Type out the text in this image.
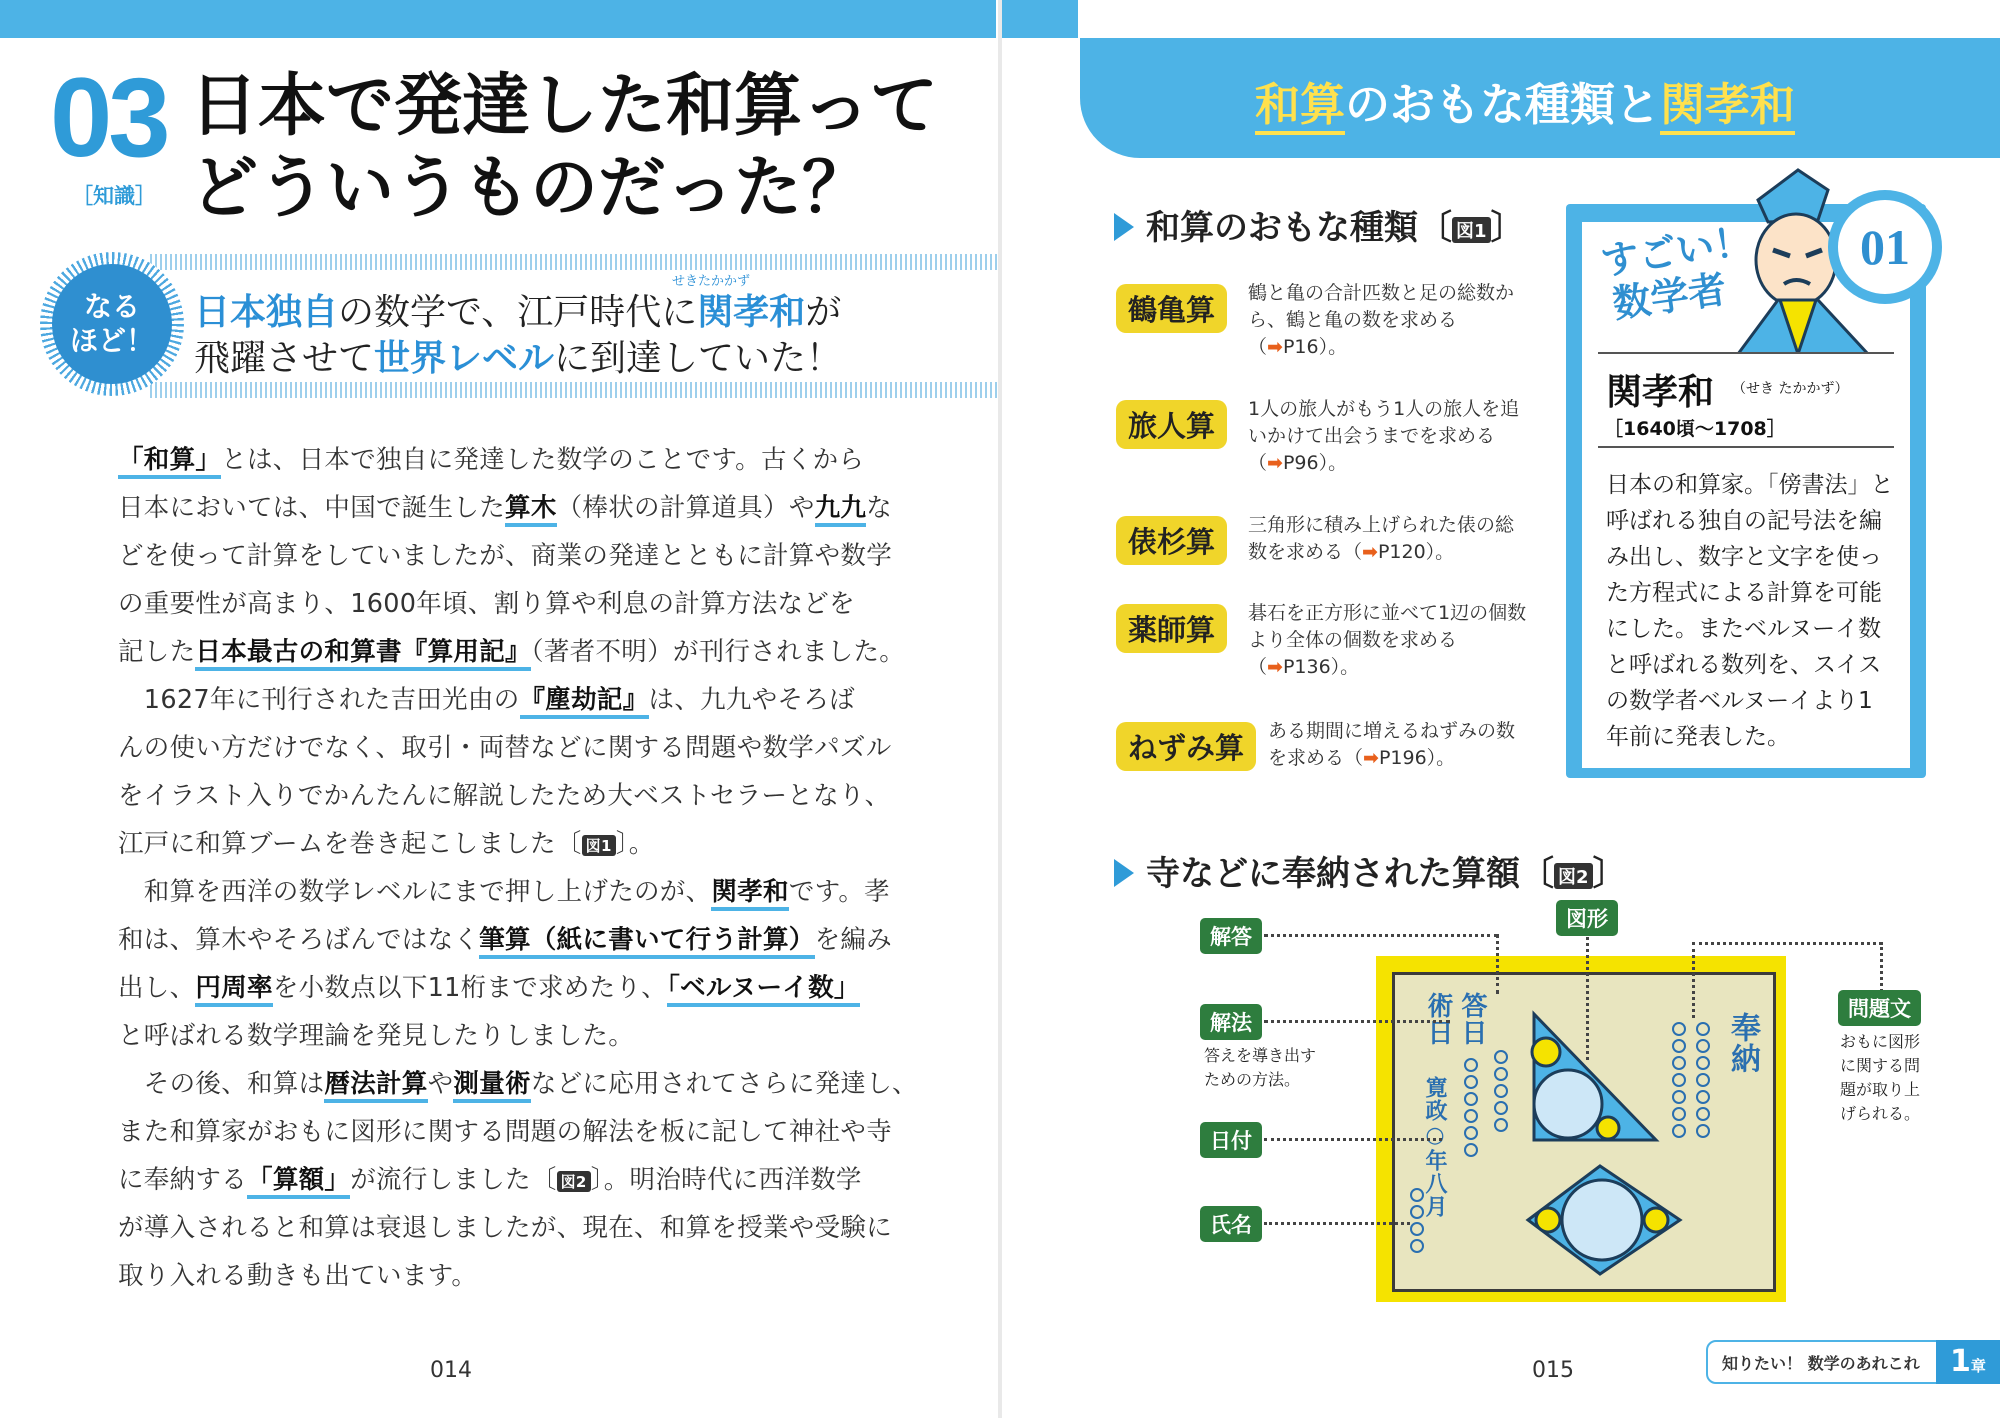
03
［知識］
日本で発達した和算って
どういうものだった？
なる
ほど！
せきたかかず
日本独自の数学で、江戸時代に関孝和が
飛躍させて世界レベルに到達していた！
「和算」とは、日本で独自に発達した数学のことです。古くから
日本においては、中国で誕生した算木（棒状の計算道具）や九九な
どを使って計算をしていましたが、商業の発達とともに計算や数学
の重要性が高まり、1600年頃、割り算や利息の計算方法などを
記した日本最古の和算書『算用記』（著者不明）が刊行されました。
　1627年に刊行された吉田光由の『塵劫記』は、九九やそろば
んの使い方だけでなく、取引・両替などに関する問題や数学パズル
をイラスト入りでかんたんに解説したため大ベストセラーとなり、
江戸に和算ブームを巻き起こしました〔 図1 〕。
　和算を西洋の数学レベルにまで押し上げたのが、関孝和です。孝
和は、算木やそろばんではなく筆算（紙に書いて行う計算）を編み
出し、円周率を小数点以下11桁まで求めたり、「ベルヌーイ数」
と呼ばれる数学理論を発見したりしました。
　その後、和算は暦法計算や測量術などに応用されてさらに発達し、
また和算家がおもに図形に関する問題の解法を板に記して神社や寺
に奉納する「算額」が流行しました〔 図2 〕。明治時代に西洋数学
が導入されると和算は衰退しましたが、現在、和算を授業や受験に
取り入れる動きも出ています。
014
和算のおもな種類と関孝和
和算のおもな種類〔 図1 〕
鶴亀算	鶴と亀の合計匹数と足の総数から、鶴と亀の数を求める（➡P16）。
旅人算	1人の旅人がもう1人の旅人を追いかけて出会うまでを求める（➡P96）。
俵杉算	三角形に積み上げられた俵の総数を求める（➡P120）。
薬師算	碁石を正方形に並べて1辺の個数より全体の個数を求める（➡P136）。
ねずみ算	ある期間に増えるねずみの数を求める（➡P196）。
すごい！
数学者
01
関孝和 （せき たかかず）
［1640頃〜1708］
日本の和算家。「傍書法」と
呼ばれる独自の記号法を編
み出し、数字と文字を使っ
た方程式による計算を可能
にした。またベルヌーイ数
と呼ばれる数列を、スイス
の数学者ベルヌーイより1
年前に発表した。
寺などに奉納された算額〔 図2 〕
答日
術日
寛政○年八月
奉納
解答
図形
解法
答えを導き出す
ための方法。
日付
氏名
問題文
おもに図形
に関する問
題が取り上
げられる。
015	知りたい！ 数学のあれこれ	1章
